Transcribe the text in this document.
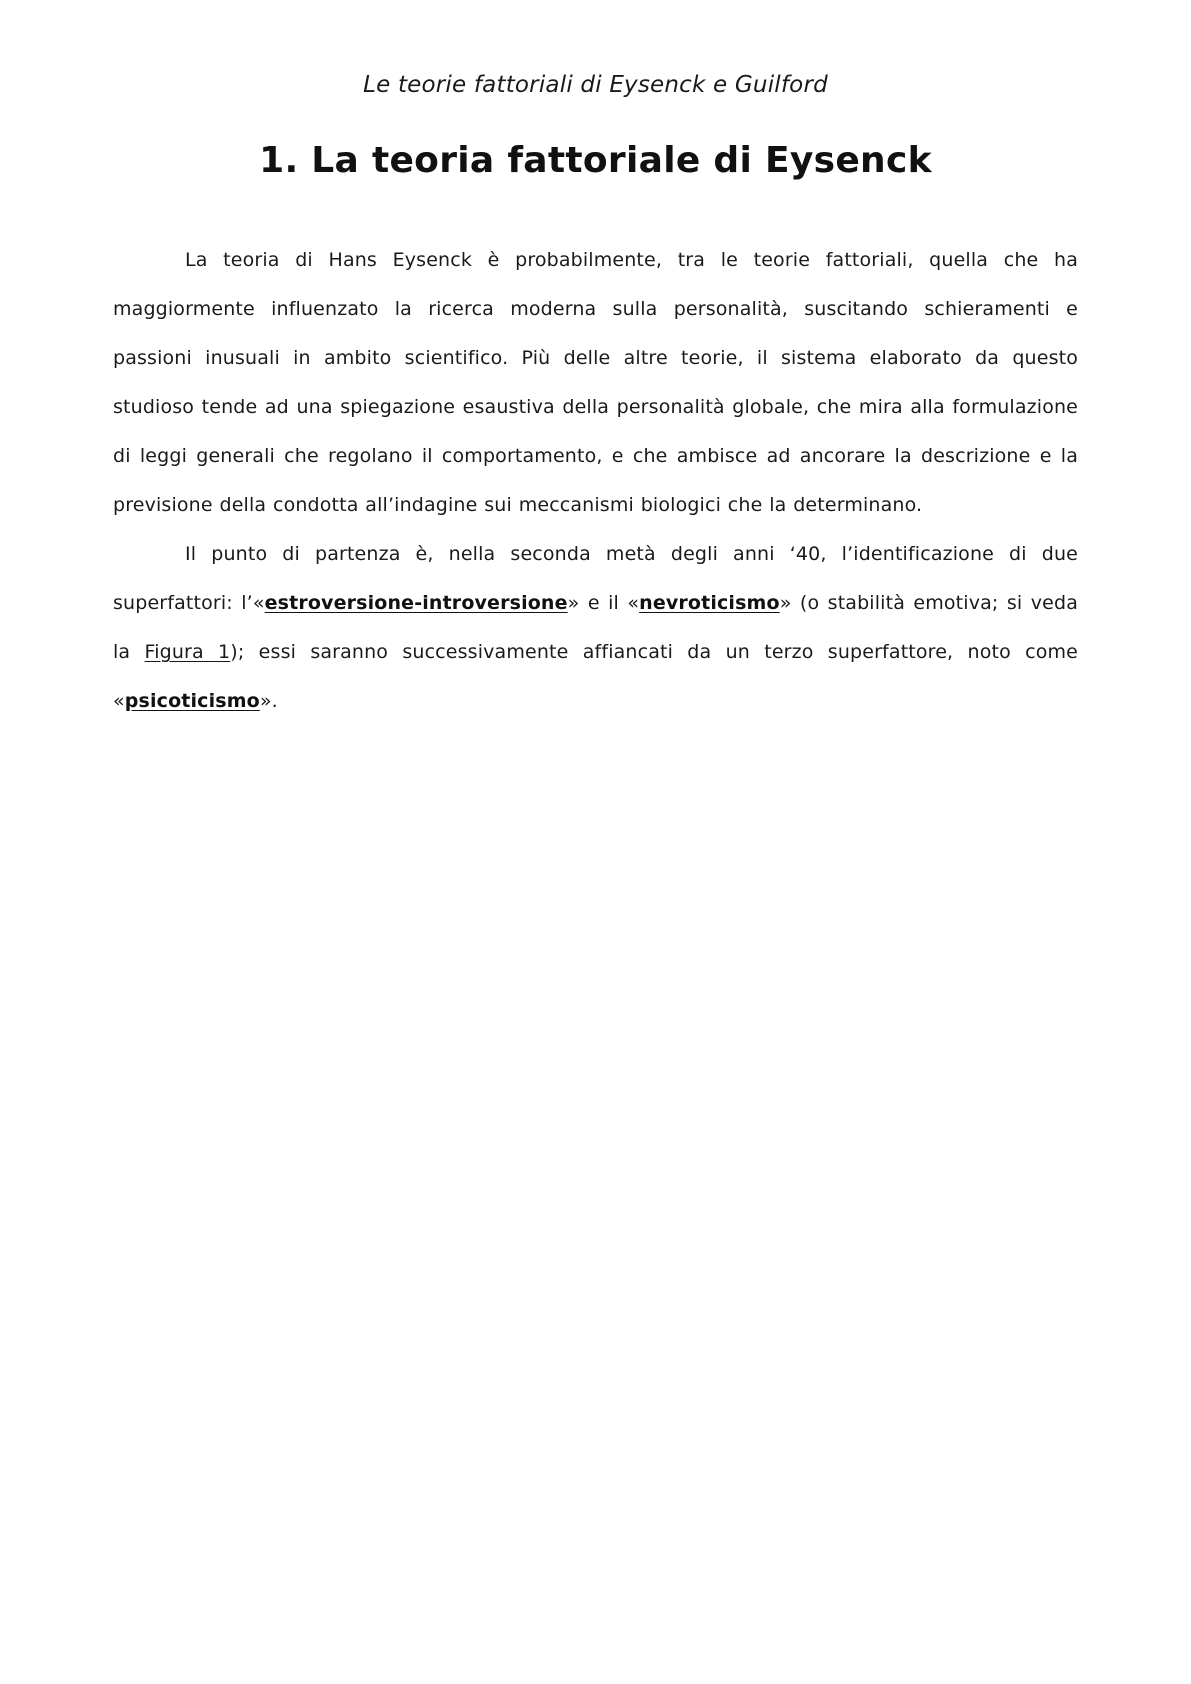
Le teorie fattoriali di Eysenck e Guilford
1. La teoria fattoriale di Eysenck

La teoria di Hans Eysenck è probabilmente, tra le teorie fattoriali, quella che ha maggiormente influenzato la ricerca moderna sulla personalità, suscitando schieramenti e passioni inusuali in ambito scientifico. Più delle altre teorie, il sistema elaborato da questo studioso tende ad una spiegazione esaustiva della personalità globale, che mira alla formulazione di leggi generali che regolano il comportamento, e che ambisce ad ancorare la descrizione e la previsione della condotta all’indagine sui meccanismi biologici che la determinano.

Il punto di partenza è, nella seconda metà degli anni ‘40, l’identificazione di due superfattori: l’«estroversione-introversione» e il «nevroticismo» (o stabilità emotiva; si veda la Figura 1); essi saranno successivamente affiancati da un terzo superfattore, noto come «psicoticismo».
